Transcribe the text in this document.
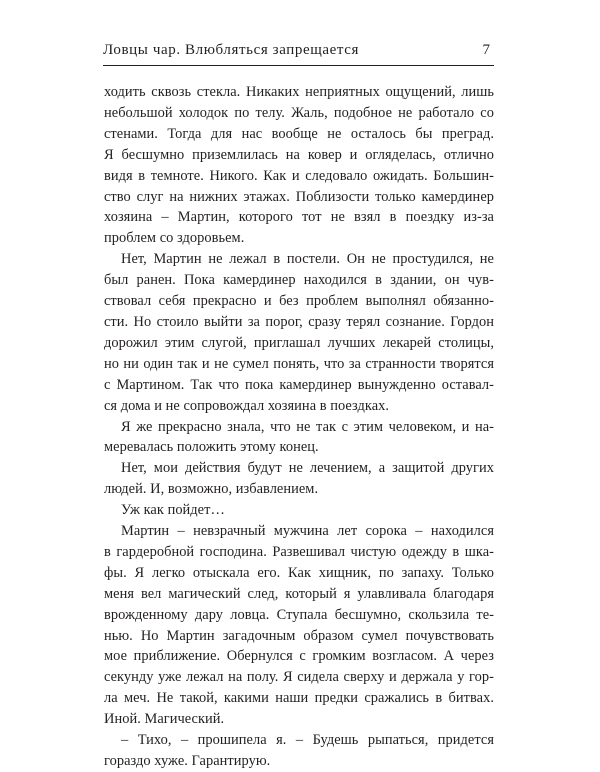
Ловцы чар. Влюбляться запрещается	7
ходить сквозь стекла. Никаких неприятных ощущений, лишь
небольшой холодок по телу. Жаль, подобное не работало со
стенами. Тогда для нас вообще не осталось бы преград.
Я бесшумно приземлилась на ковер и огляделась, отлично
видя в темноте. Никого. Как и следовало ожидать. Большин-
ство слуг на нижних этажах. Поблизости только камердинер
хозяина – Мартин, которого тот не взял в поездку из-за
проблем со здоровьем.
Нет, Мартин не лежал в постели. Он не простудился, не
был ранен. Пока камердинер находился в здании, он чув-
ствовал себя прекрасно и без проблем выполнял обязанно-
сти. Но стоило выйти за порог, сразу терял сознание. Гордон
дорожил этим слугой, приглашал лучших лекарей столицы,
но ни один так и не сумел понять, что за странности творятся
с Мартином. Так что пока камердинер вынужденно оставал-
ся дома и не сопровождал хозяина в поездках.
Я же прекрасно знала, что не так с этим человеком, и на-
меревалась положить этому конец.
Нет, мои действия будут не лечением, а защитой других
людей. И, возможно, избавлением.
Уж как пойдет…
Мартин – невзрачный мужчина лет сорока – находился
в гардеробной господина. Развешивал чистую одежду в шка-
фы. Я легко отыскала его. Как хищник, по запаху. Только
меня вел магический след, который я улавливала благодаря
врожденному дару ловца. Ступала бесшумно, скользила те-
нью. Но Мартин загадочным образом сумел почувствовать
мое приближение. Обернулся с громким возгласом. А через
секунду уже лежал на полу. Я сидела сверху и держала у гор-
ла меч. Не такой, какими наши предки сражались в битвах.
Иной. Магический.
– Тихо, – прошипела я. – Будешь рыпаться, придется
гораздо хуже. Гарантирую.
